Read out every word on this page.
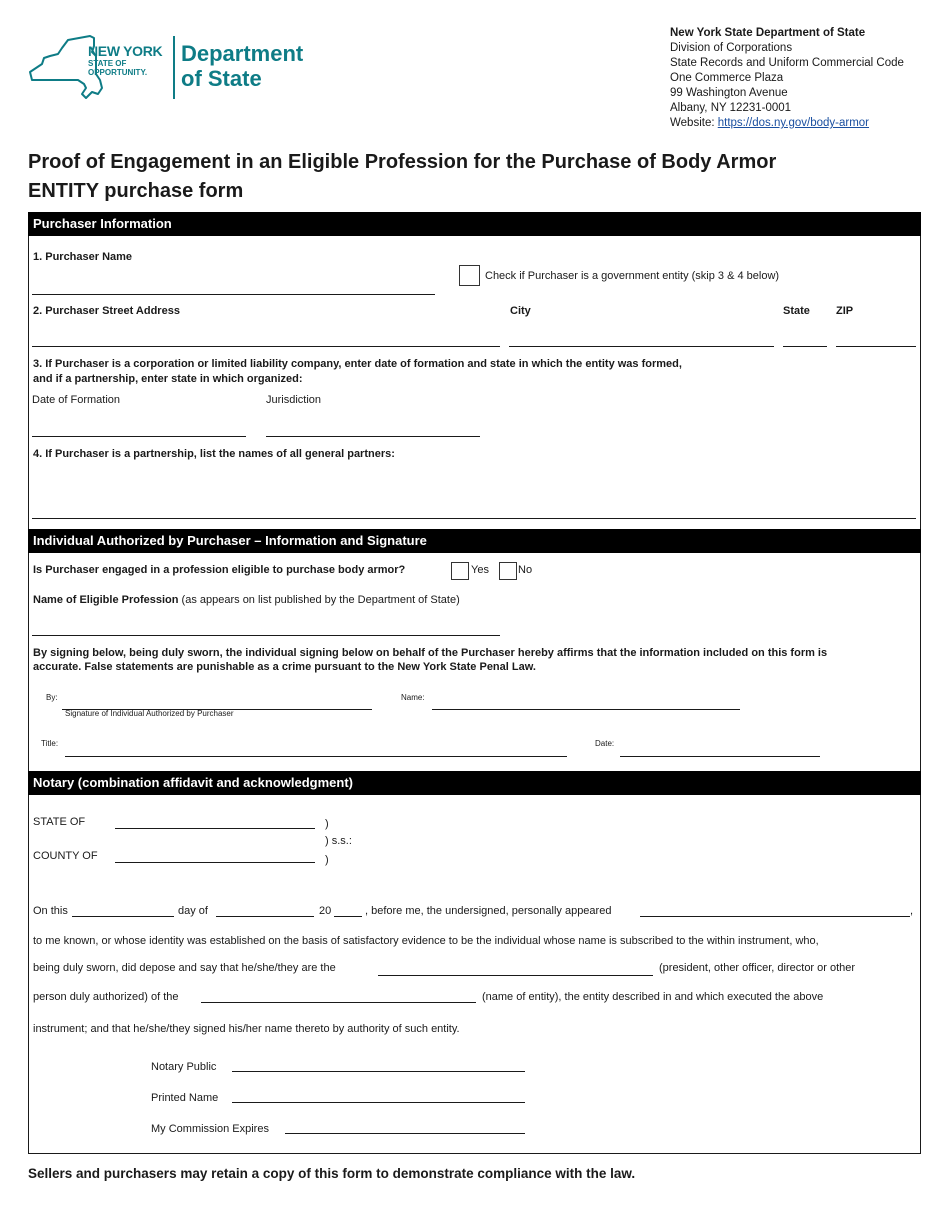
NEW YORK
STATE OF
OPPORTUNITY.
Department
of State
New York State Department of State
Division of Corporations
State Records and Uniform Commercial Code
One Commerce Plaza
99 Washington Avenue
Albany, NY 12231-0001
Website: https://dos.ny.gov/body-armor
Proof of Engagement in an Eligible Profession for the Purchase of Body Armor
ENTITY purchase form
Purchaser Information
1. Purchaser Name
Check if Purchaser is a government entity (skip 3 & 4 below)
2. Purchaser Street Address	City	State ZIP
3. If Purchaser is a corporation or limited liability company, enter date of formation and state in which the entity was formed,
and if a partnership, enter state in which organized:
Date of Formation	Jurisdiction
4. If Purchaser is a partnership, list the names of all general partners:
Individual Authorized by Purchaser – Information and Signature
Is Purchaser engaged in a profession eligible to purchase body armor?	Yes	No
Name of Eligible Profession (as appears on list published by the Department of State)
By signing below, being duly sworn, the individual signing below on behalf of the Purchaser hereby affirms that the information included on this form is
accurate. False statements are punishable as a crime pursuant to the New York State Penal Law.
By:
Signature of Individual Authorized by Purchaser
Name:
Title:	Date:
Notary (combination affidavit and acknowledgment)
STATE OF	)
) s.s.:
COUNTY OF	)
On this	day of	20	, before me, the undersigned, personally appeared	,
to me known, or whose identity was established on the basis of satisfactory evidence to be the individual whose name is subscribed to the within instrument, who,
being duly sworn, did depose and say that he/she/they are the	(president, other officer, director or other
person duly authorized) of the	(name of entity), the entity described in and which executed the above
instrument; and that he/she/they signed his/her name thereto by authority of such entity.
Notary Public
Printed Name
My Commission Expires
Sellers and purchasers may retain a copy of this form to demonstrate compliance with the law.
